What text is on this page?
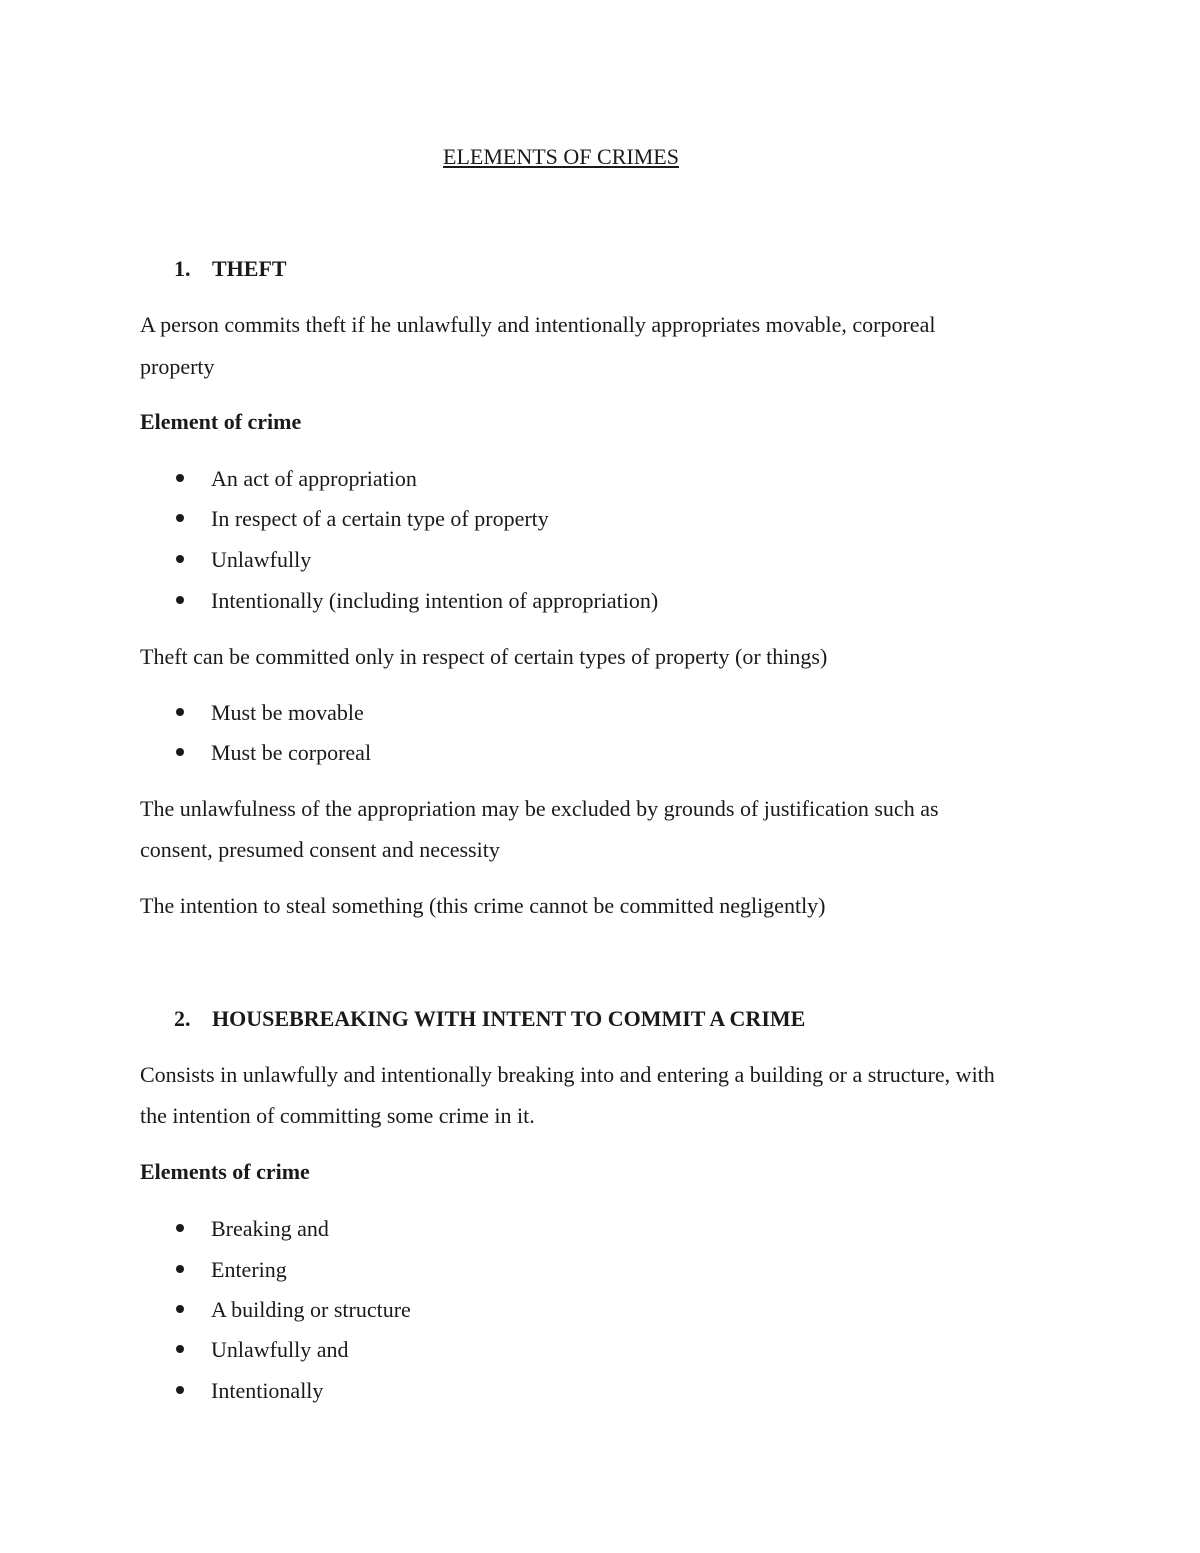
ELEMENTS OF CRIMES
1. THEFT
A person commits theft if he unlawfully and intentionally appropriates movable, corporeal
property
Element of crime
An act of appropriation
In respect of a certain type of property
Unlawfully
Intentionally (including intention of appropriation)
Theft can be committed only in respect of certain types of property (or things)
Must be movable
Must be corporeal
The unlawfulness of the appropriation may be excluded by grounds of justification such as
consent, presumed consent and necessity
The intention to steal something (this crime cannot be committed negligently)
2. HOUSEBREAKING WITH INTENT TO COMMIT A CRIME
Consists in unlawfully and intentionally breaking into and entering a building or a structure, with
the intention of committing some crime in it.
Elements of crime
Breaking and
Entering
A building or structure
Unlawfully and
Intentionally
